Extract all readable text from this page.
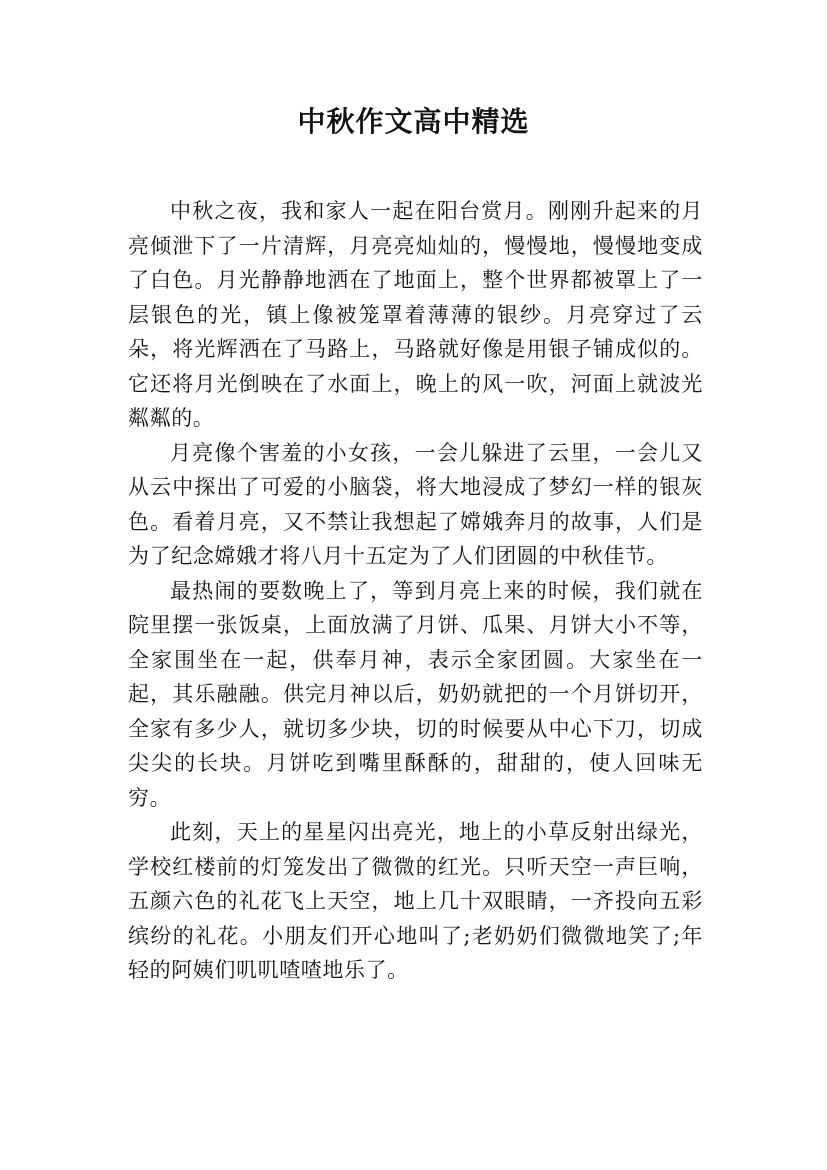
中秋作文高中精选

中秋之夜，我和家人一起在阳台赏月。刚刚升起来的月亮倾泄下了一片清辉，月亮亮灿灿的，慢慢地，慢慢地变成了白色。月光静静地洒在了地面上，整个世界都被罩上了一层银色的光，镇上像被笼罩着薄薄的银纱。月亮穿过了云朵，将光辉洒在了马路上，马路就好像是用银子铺成似的。它还将月光倒映在了水面上，晚上的风一吹，河面上就波光粼粼的。

月亮像个害羞的小女孩，一会儿躲进了云里，一会儿又从云中探出了可爱的小脑袋，将大地浸成了梦幻一样的银灰色。看着月亮，又不禁让我想起了嫦娥奔月的故事，人们是为了纪念嫦娥才将八月十五定为了人们团圆的中秋佳节。

最热闹的要数晚上了，等到月亮上来的时候，我们就在院里摆一张饭桌，上面放满了月饼、瓜果、月饼大小不等，全家围坐在一起，供奉月神，表示全家团圆。大家坐在一起，其乐融融。供完月神以后，奶奶就把的一个月饼切开，全家有多少人，就切多少块，切的时候要从中心下刀，切成尖尖的长块。月饼吃到嘴里酥酥的，甜甜的，使人回味无穷。

此刻，天上的星星闪出亮光，地上的小草反射出绿光，学校红楼前的灯笼发出了微微的红光。只听天空一声巨响，五颜六色的礼花飞上天空，地上几十双眼睛，一齐投向五彩缤纷的礼花。小朋友们开心地叫了;老奶奶们微微地笑了;年轻的阿姨们叽叽喳喳地乐了。
